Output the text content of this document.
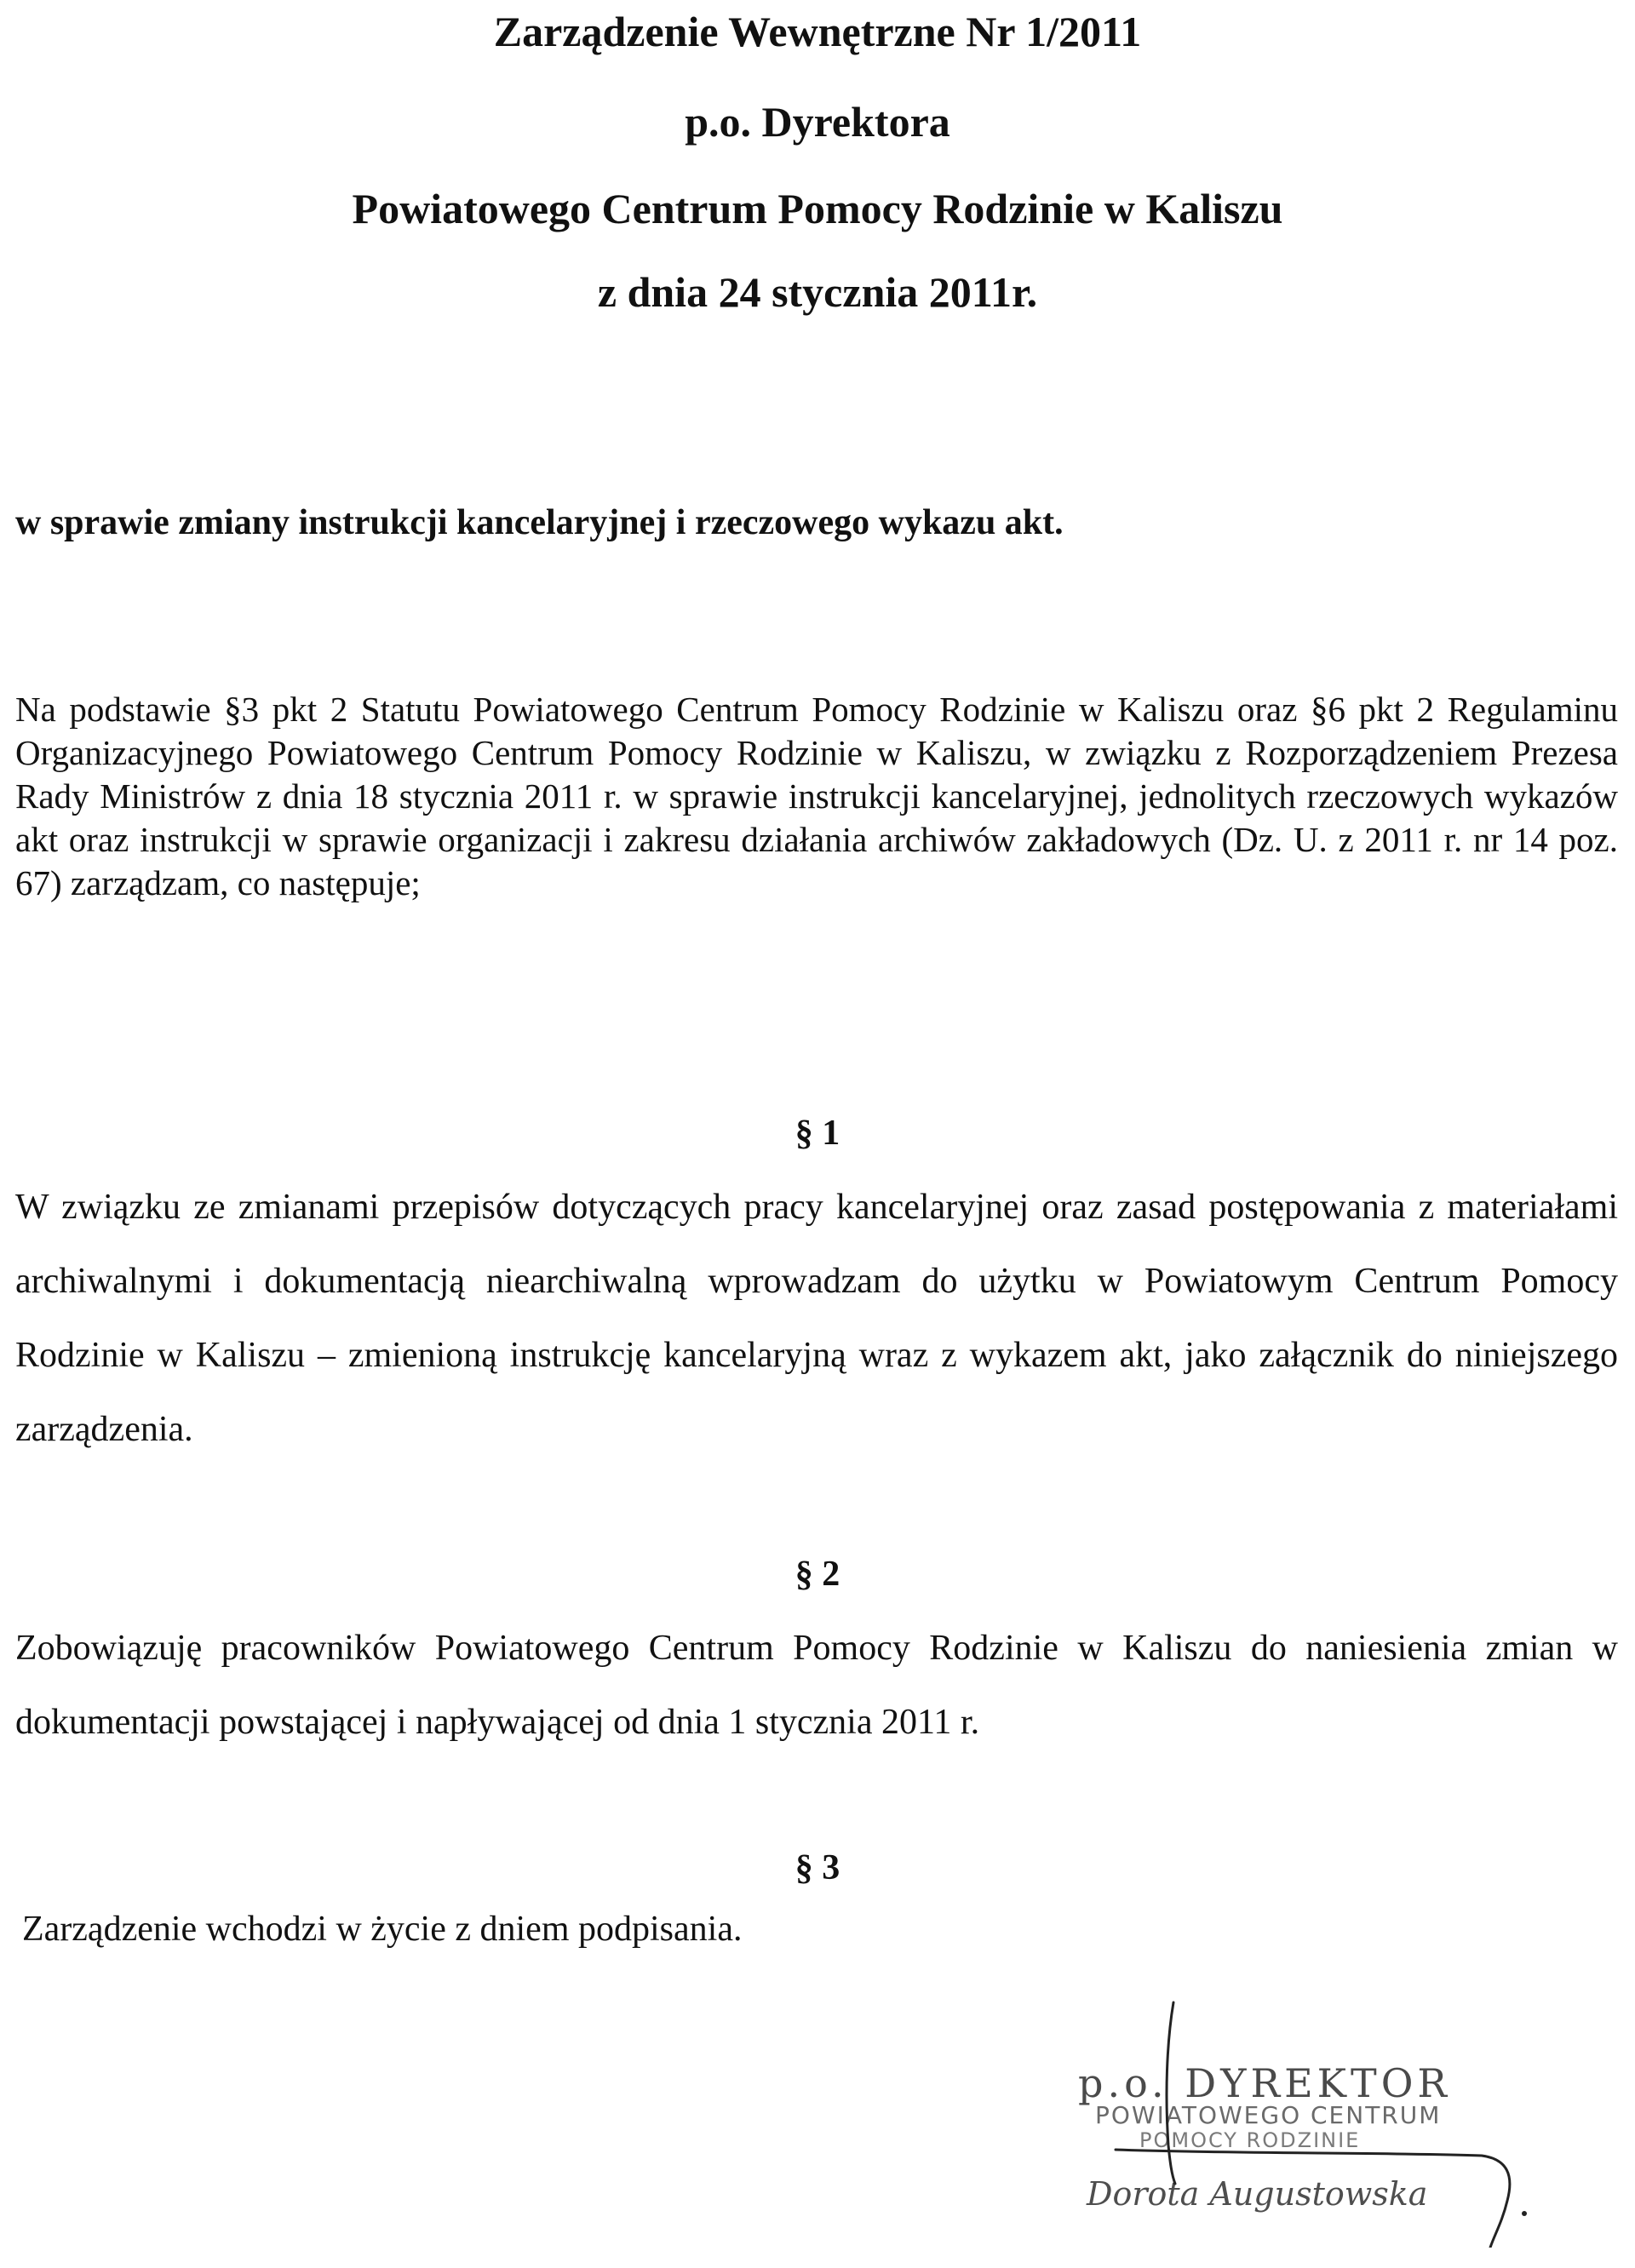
Zarządzenie Wewnętrzne Nr 1/2011
p.o. Dyrektora
Powiatowego Centrum Pomocy Rodzinie w Kaliszu
z dnia 24 stycznia 2011r.
w sprawie zmiany instrukcji kancelaryjnej i rzeczowego wykazu akt.
Na podstawie §3 pkt 2 Statutu Powiatowego Centrum Pomocy Rodzinie w Kaliszu oraz §6 pkt 2 Regulaminu Organizacyjnego Powiatowego Centrum Pomocy Rodzinie w Kaliszu, w związku z Rozporządzeniem Prezesa Rady Ministrów z dnia 18 stycznia 2011 r. w sprawie instrukcji kancelaryjnej, jednolitych rzeczowych wykazów akt oraz instrukcji w sprawie organizacji i zakresu działania archiwów zakładowych (Dz. U. z 2011 r. nr 14 poz. 67) zarządzam, co następuje;
§ 1
W związku ze zmianami przepisów dotyczących pracy kancelaryjnej oraz zasad postępowania z materiałami archiwalnymi i dokumentacją niearchiwalną wprowadzam do użytku w Powiatowym Centrum Pomocy Rodzinie w Kaliszu – zmienioną instrukcję kancelaryjną wraz z wykazem akt, jako załącznik do niniejszego zarządzenia.
§ 2
Zobowiązuję pracowników Powiatowego Centrum Pomocy Rodzinie w Kaliszu do naniesienia zmian w dokumentacji powstającej i napływającej od dnia 1 stycznia 2011 r.
§ 3
Zarządzenie wchodzi w życie z dniem podpisania.
p.o. DYREKTOR
POWIATOWEGO CENTRUM
POMOCY RODZINIE
Dorota Augustowska
